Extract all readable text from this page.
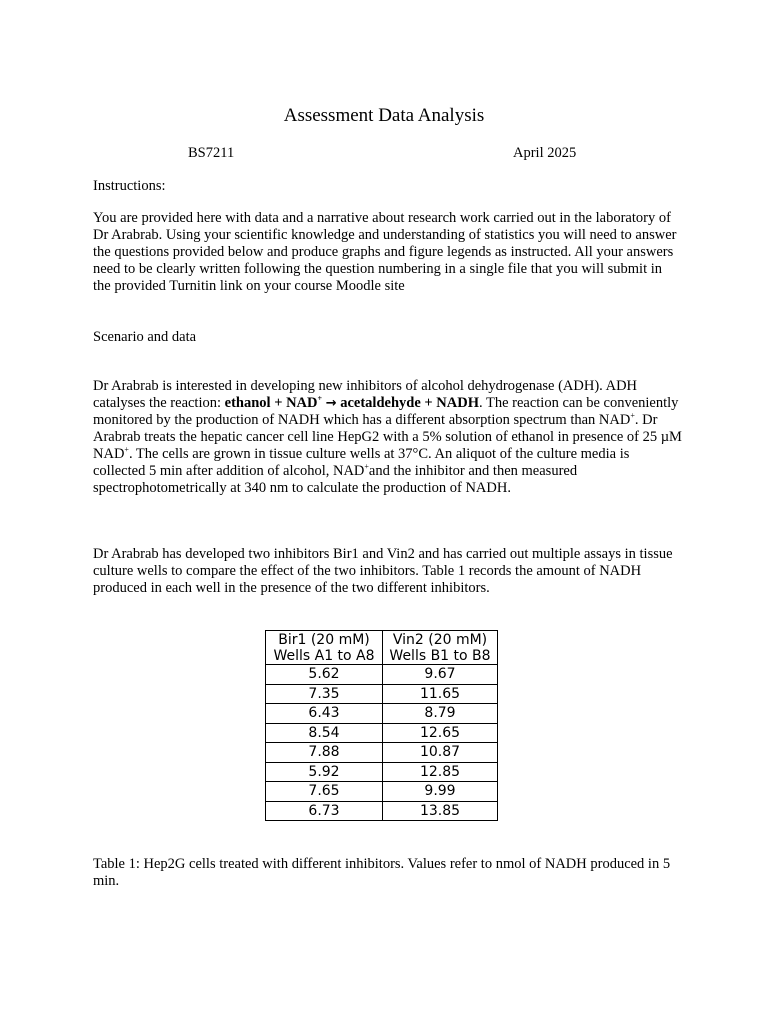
Assessment Data Analysis
BS7211	April 2025

Instructions:

You are provided here with data and a narrative about research work carried out in the laboratory of Dr Arabrab. Using your scientific knowledge and understanding of statistics you will need to answer the questions provided below and produce graphs and figure legends as instructed. All your answers need to be clearly written following the question numbering in a single file that you will submit in the provided Turnitin link on your course Moodle site

Scenario and data

Dr Arabrab is interested in developing new inhibitors of alcohol dehydrogenase (ADH). ADH catalyses the reaction: ethanol + NAD+ → acetaldehyde + NADH. The reaction can be conveniently monitored by the production of NADH which has a different absorption spectrum than NAD+. Dr Arabrab treats the hepatic cancer cell line HepG2 with a 5% solution of ethanol in presence of 25 µM NAD+. The cells are grown in tissue culture wells at 37°C. An aliquot of the culture media is collected 5 min after addition of alcohol, NAD+and the inhibitor and then measured spectrophotometrically at 340 nm to calculate the production of NADH.

Dr Arabrab has developed two inhibitors Bir1 and Vin2 and has carried out multiple assays in tissue culture wells to compare the effect of the two inhibitors. Table 1 records the amount of NADH produced in each well in the presence of the two different inhibitors.

Bir1 (20 mM) Wells A1 to A8	Vin2 (20 mM) Wells B1 to B8
5.62	9.67
7.35	11.65
6.43	8.79
8.54	12.65
7.88	10.87
5.92	12.85
7.65	9.99
6.73	13.85

Table 1: Hep2G cells treated with different inhibitors. Values refer to nmol of NADH produced in 5 min.
